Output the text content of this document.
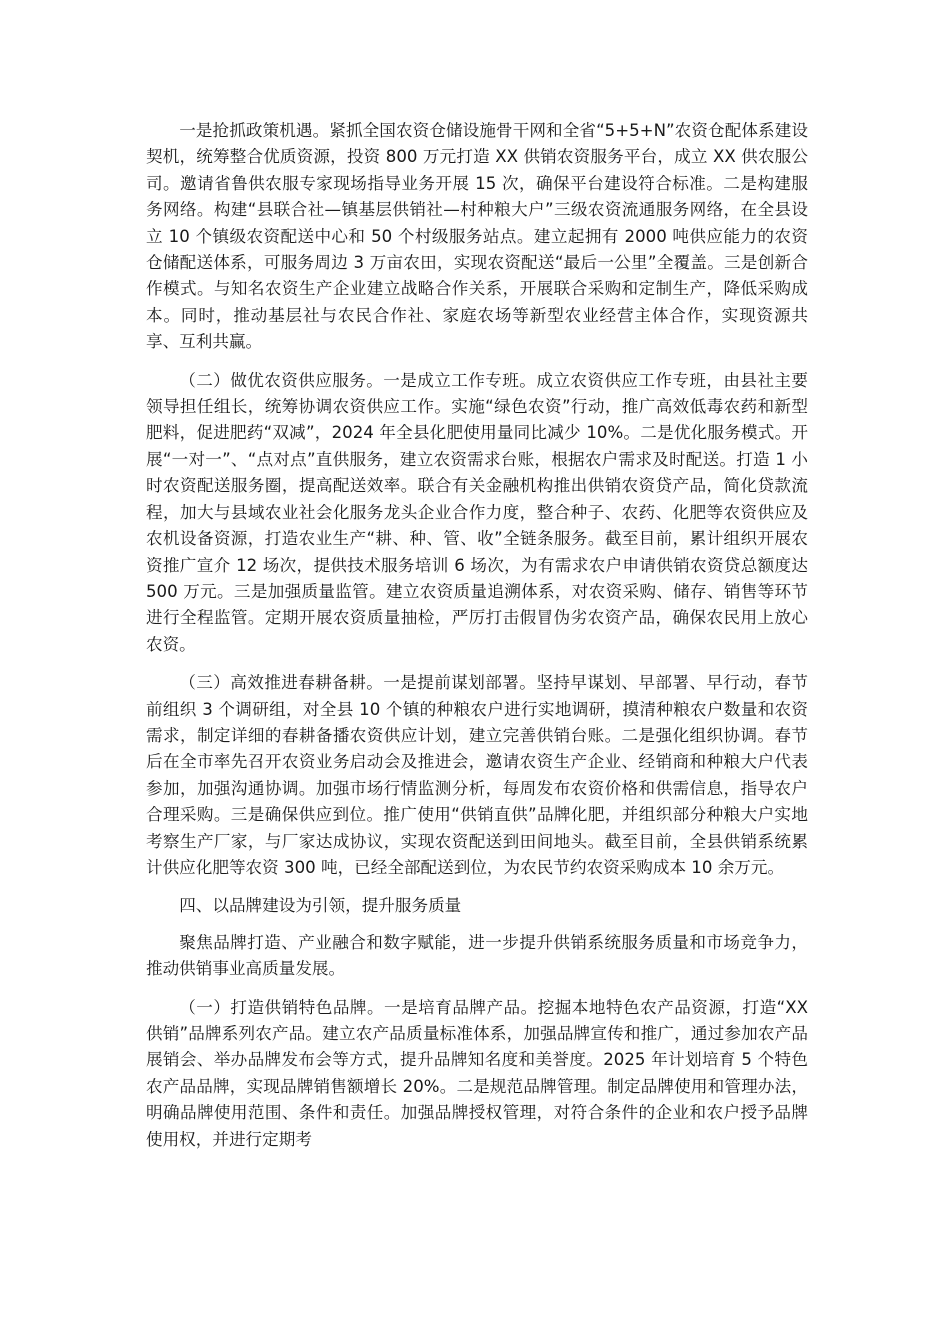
一是抢抓政策机遇。紧抓全国农资仓储设施骨干网和全省“5+5+N”农资仓配体系建设契机，统筹整合优质资源，投资 800 万元打造 XX 供销农资服务平台，成立 XX 供农服公司。邀请省鲁供农服专家现场指导业务开展 15 次，确保平台建设符合标准。二是构建服务网络。构建“县联合社—镇基层供销社—村种粮大户”三级农资流通服务网络，在全县设立 10 个镇级农资配送中心和 50 个村级服务站点。建立起拥有 2000 吨供应能力的农资仓储配送体系，可服务周边 3 万亩农田，实现农资配送“最后一公里”全覆盖。三是创新合作模式。与知名农资生产企业建立战略合作关系，开展联合采购和定制生产，降低采购成本。同时，推动基层社与农民合作社、家庭农场等新型农业经营主体合作，实现资源共享、互利共赢。

（二）做优农资供应服务。一是成立工作专班。成立农资供应工作专班，由县社主要领导担任组长，统筹协调农资供应工作。实施“绿色农资”行动，推广高效低毒农药和新型肥料，促进肥药“双减”，2024 年全县化肥使用量同比减少 10%。二是优化服务模式。开展“一对一”、“点对点”直供服务，建立农资需求台账，根据农户需求及时配送。打造 1 小时农资配送服务圈，提高配送效率。联合有关金融机构推出供销农资贷产品，简化贷款流程，加大与县域农业社会化服务龙头企业合作力度，整合种子、农药、化肥等农资供应及农机设备资源，打造农业生产“耕、种、管、收”全链条服务。截至目前，累计组织开展农资推广宣介 12 场次，提供技术服务培训 6 场次，为有需求农户申请供销农资贷总额度达 500 万元。三是加强质量监管。建立农资质量追溯体系，对农资采购、储存、销售等环节进行全程监管。定期开展农资质量抽检，严厉打击假冒伪劣农资产品，确保农民用上放心农资。

（三）高效推进春耕备耕。一是提前谋划部署。坚持早谋划、早部署、早行动，春节前组织 3 个调研组，对全县 10 个镇的种粮农户进行实地调研，摸清种粮农户数量和农资需求，制定详细的春耕备播农资供应计划，建立完善供销台账。二是强化组织协调。春节后在全市率先召开农资业务启动会及推进会，邀请农资生产企业、经销商和种粮大户代表参加，加强沟通协调。加强市场行情监测分析，每周发布农资价格和供需信息，指导农户合理采购。三是确保供应到位。推广使用“供销直供”品牌化肥，并组织部分种粮大户实地考察生产厂家，与厂家达成协议，实现农资配送到田间地头。截至目前，全县供销系统累计供应化肥等农资 300 吨，已经全部配送到位，为农民节约农资采购成本 10 余万元。

四、以品牌建设为引领，提升服务质量

聚焦品牌打造、产业融合和数字赋能，进一步提升供销系统服务质量和市场竞争力，推动供销事业高质量发展。

（一）打造供销特色品牌。一是培育品牌产品。挖掘本地特色农产品资源，打造“XX 供销”品牌系列农产品。建立农产品质量标准体系，加强品牌宣传和推广，通过参加农产品展销会、举办品牌发布会等方式，提升品牌知名度和美誉度。2025 年计划培育 5 个特色农产品品牌，实现品牌销售额增长 20%。二是规范品牌管理。制定品牌使用和管理办法，明确品牌使用范围、条件和责任。加强品牌授权管理，对符合条件的企业和农户授予品牌使用权，并进行定期考
